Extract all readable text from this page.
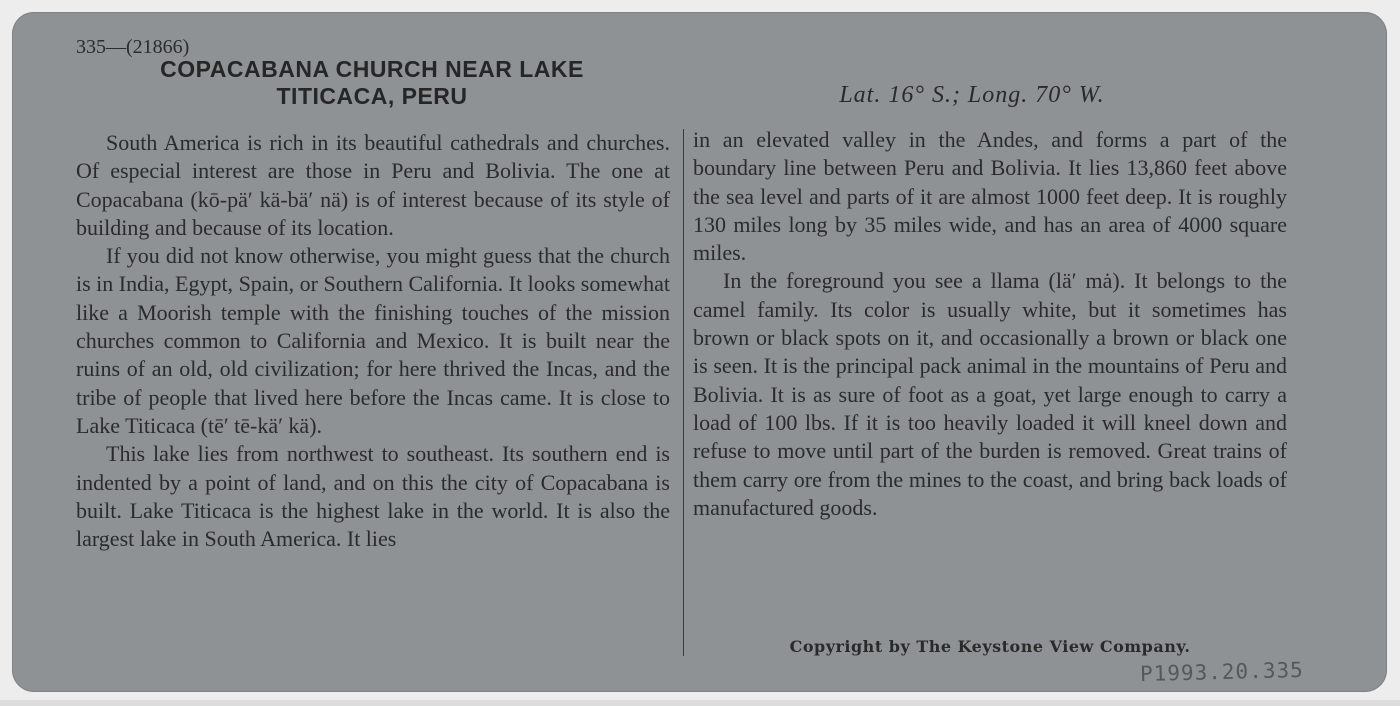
335—(21866)
COPACABANA CHURCH NEAR LAKE
TITICACA, PERU	Lat. 16° S.; Long. 70° W.

South America is rich in its beautiful cathedrals and churches. Of especial interest are those in Peru and Bolivia. The one at Copacabana (kō-pä′ kä-bä′ nä) is of interest because of its style of building and because of its location.

If you did not know otherwise, you might guess that the church is in India, Egypt, Spain, or Southern California. It looks somewhat like a Moorish temple with the finishing touches of the mission churches common to California and Mexico. It is built near the ruins of an old, old civilization; for here thrived the Incas, and the tribe of people that lived here before the Incas came. It is close to Lake Titicaca (tē′ tē-kä′ kä).

This lake lies from northwest to southeast. Its southern end is indented by a point of land, and on this the city of Copacabana is built. Lake Titicaca is the highest lake in the world. It is also the largest lake in South America. It lies

in an elevated valley in the Andes, and forms a part of the boundary line between Peru and Bolivia. It lies 13,860 feet above the sea level and parts of it are almost 1000 feet deep. It is roughly 130 miles long by 35 miles wide, and has an area of 4000 square miles.

In the foreground you see a llama (lä′ mȧ). It belongs to the camel family. Its color is usually white, but it sometimes has brown or black spots on it, and occasionally a brown or black one is seen. It is the principal pack animal in the mountains of Peru and Bolivia. It is as sure of foot as a goat, yet large enough to carry a load of 100 lbs. If it is too heavily loaded it will kneel down and refuse to move until part of the burden is removed. Great trains of them carry ore from the mines to the coast, and bring back loads of manufactured goods.

Copyright by The Keystone View Company.
P1993.20.335
